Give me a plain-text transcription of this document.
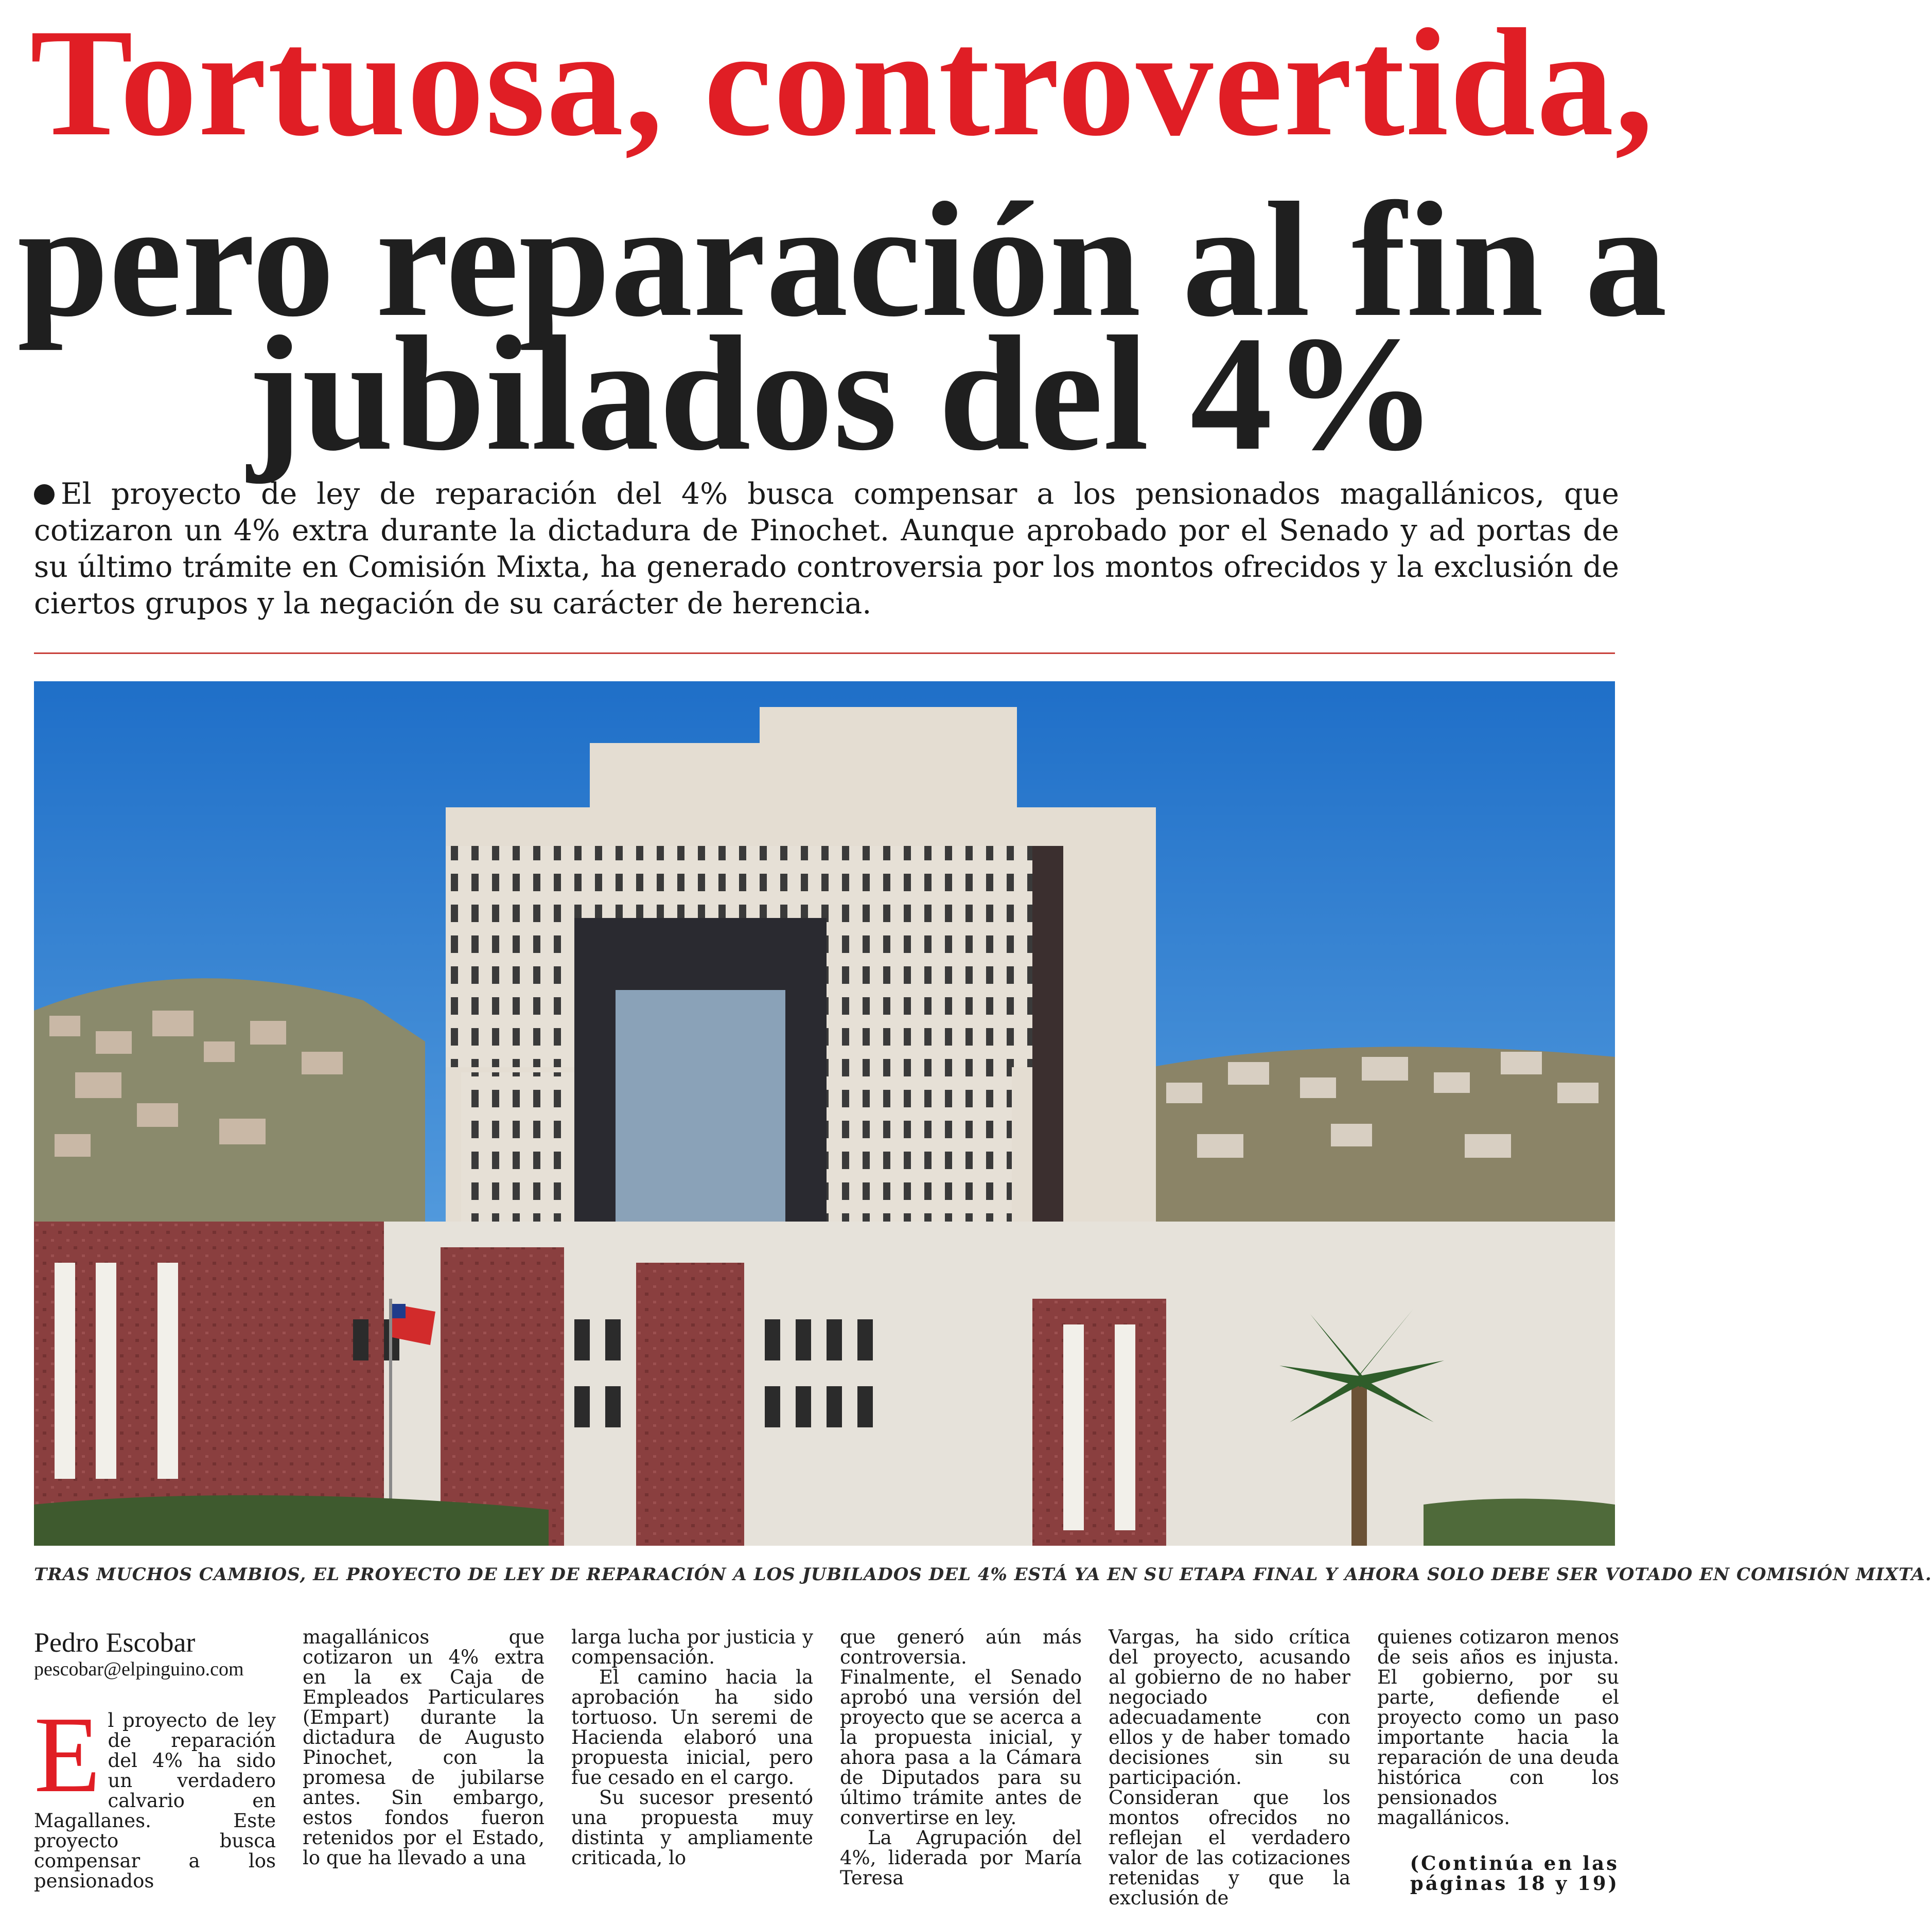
Tortuosa, controvertida,
pero reparación al fin a
jubilados del 4%
El proyecto de ley de reparación del 4% busca compensar a los pensionados magallánicos, que cotizaron un 4% extra durante la dictadura de Pinochet. Aunque aprobado por el Senado y ad portas de su último trámite en Comisión Mixta, ha generado controversia por los montos ofrecidos y la exclusión de ciertos grupos y la negación de su carácter de herencia.
TRAS MUCHOS CAMBIOS, EL PROYECTO DE LEY DE REPARACIÓN A LOS JUBILADOS DEL 4% ESTÁ YA EN SU ETAPA FINAL Y AHORA SOLO DEBE SER VOTADO EN COMISIÓN MIXTA.
Pedro Escobar
pescobar@elpinguino.com

E l proyecto de ley de reparación del 4% ha sido un verdadero calvario en Magallanes. Este proyecto busca compensar a los pensionados

magallánicos que cotizaron un 4% extra en la ex Caja de Empleados Particulares (Empart) durante la dictadura de Augusto Pinochet, con la promesa de jubilarse antes. Sin embargo, estos fondos fueron retenidos por el Estado, lo que ha llevado a una

larga lucha por justicia y compensación.

El camino hacia la aprobación ha sido tortuoso. Un seremi de Hacienda elaboró una propuesta inicial, pero fue cesado en el cargo.

Su sucesor presentó una propuesta muy distinta y ampliamente criticada, lo

que generó aún más controversia. Finalmente, el Senado aprobó una versión del proyecto que se acerca a la propuesta inicial, y ahora pasa a la Cámara de Diputados para su último trámite antes de convertirse en ley.

La Agrupación del 4%, liderada por María Teresa

Vargas, ha sido crítica del proyecto, acusando al gobierno de no haber negociado adecuadamente con ellos y de haber tomado decisiones sin su participación. Consideran que los montos ofrecidos no reflejan el verdadero valor de las cotizaciones retenidas y que la exclusión de

quienes cotizaron menos de seis años es injusta. El gobierno, por su parte, defiende el proyecto como un paso importante hacia la reparación de una deuda histórica con los pensionados magallánicos.

(Continúa en las páginas 18 y 19)
